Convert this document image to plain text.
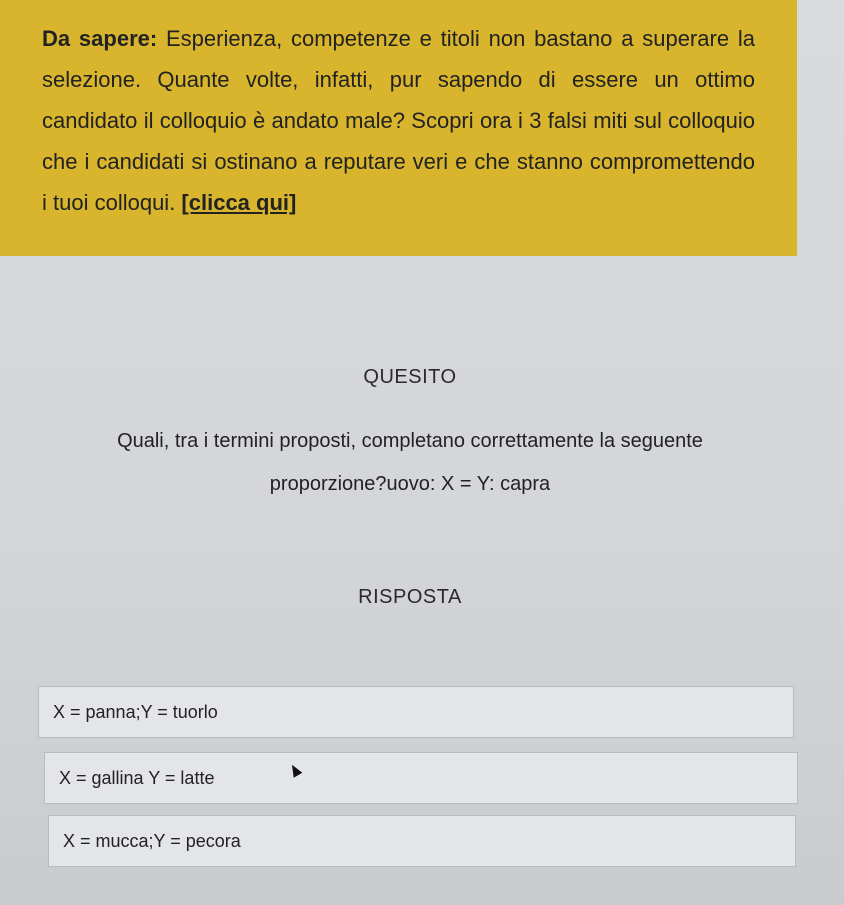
Da sapere: Esperienza, competenze e titoli non bastano a superare la selezione. Quante volte, infatti, pur sapendo di essere un ottimo candidato il colloquio è andato male? Scopri ora i 3 falsi miti sul colloquio che i candidati si ostinano a reputare veri e che stanno compromettendo i tuoi colloqui. [clicca qui]

QUESITO
Quali, tra i termini proposti, completano correttamente la seguente proporzione?uovo: X = Y: capra
RISPOSTA
X = panna;Y = tuorlo
X = gallina Y = latte
X = mucca;Y = pecora
